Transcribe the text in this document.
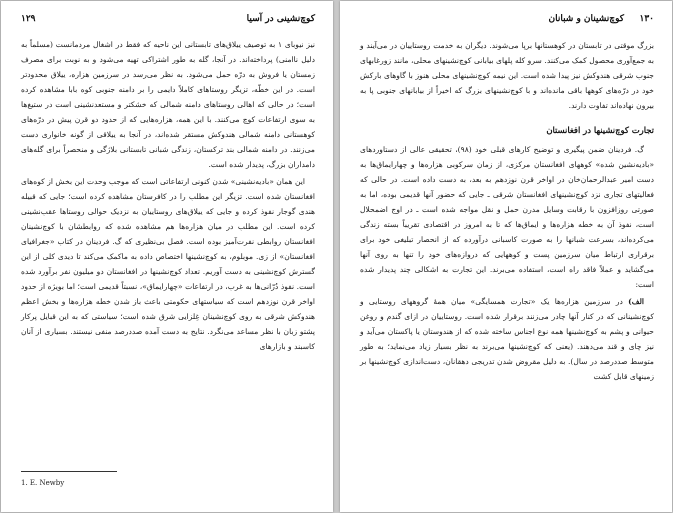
کوچ‌نشینی در آسیا
۱۲۹

نیز نیوبای ۱ به توصیف ییلاق‌های تابستانی این ناحیه که فقط در اشغال مردمانست (مسلماً به دلیل ناامنی) پرداخته‌اند. در آنجا، گله به طور اشتراکی تهیه می‌شود و به نوبت برای مصرف زمستان یا فروش به درّه حمل می‌شود. به نظر می‌رسد در سرزمین هزاره، ییلاق محدودتر است. در این خطّه، تزیگر روستاهای کاملاً دایمی را بر دامنه جنوبی کوه بابا مشاهده کرده است؛ در حالی که اهالی روستاهای دامنه شمالی که خشکتر و مستعدنشینی است در ستیغ‌ها به سوی ارتفاعات کوچ می‌کنند. با این همه، هزاره‌هایی که از حدود دو قرن پیش در درّه‌های کوهستانی دامنه شمالی هندوکش مستقر شده‌اند، در آنجا به ییلاقی از گونه خانواری دست می‌زنند. در دامنه شمالی بند ترکستان، زندگی شبانی تابستانی بلاژگی و منحصراً برای گله‌های دامداران بزرگ، پدیدار شده است.

این همان «بادیه‌نشینی» شدن کنونی ارتفاعاتی است که موجب وحدت این بخش از کوه‌های افغانستان شده است. تزیگر این مطلب را در کافرستان مشاهده کرده است؛ جایی که قبیله هندی گوجار نفوذ کرده و جایی که ییلاق‌های روستاییان به نزدیک حوالی روستاها عقب‌نشینی کرده است. این مطلب در میان هزاره‌ها هم مشاهده شده که روابطشان با کوچ‌نشینان افغانستان روابطی نفرت‌آمیز بوده است. فصل بی‌نظیری که گ. فردینان در کتاب «جغرافیای افغانستان» از زی. موبلوم، به کوچ‌نشینها اختصاص داده به ماکمک می‌کند تا دیدی کلی از این گسترش کوچ‌نشینی به دست آوریم. تعداد کوچ‌نشینها در افغانستان دو میلیون نفر برآورد شده است. نفوذ دُرّانی‌ها به غرب، در ارتفاعات «چهارایماق»، نسبتاً قدیمی است؛ اما بویژه از حدود اواخر قرن نوزدهم است که سیاستهای حکومتی باعث باز شدن خطه هزاره‌ها و بخش اعظم هندوکش شرقی به روی کوچ‌نشینان غِلزایی شرق شده است؛ سیاستی که به این قبایل پرکار پشتو زبان با نظر مساعد می‌نگرد. نتایج به دست آمده صددرصد منفی نیستند. بسیاری از آنان کاسبند و بازارهای

1. E. Newby
۱۳۰
کوچ‌نشینان و شبانان

بزرگ موقتی در تابستان در کوهستانها برپا می‌شوند. دیگران به خدمت روستاییان در می‌آیند و به جمع‌آوری محصول کمک می‌کنند. سرو کله پلهای بیابانی کوچ‌نشینهای محلی، مانند زورغابهای جنوب شرقی هندوکش نیز پیدا شده است. این نیمه کوچ‌نشینهای محلی هنوز با گاوهای بارکش خود در درّه‌های کوهها باقی مانده‌اند و با کوچ‌نشینهای بزرگ که اخیراً از بیابانهای جنوبی پا به بیرون نهاده‌اند تفاوت دارند.

تجارت کوچ‌نشینها در افغانستان

گ. فردینان ضمن پیگیری و توضیح کارهای قبلی خود (۹۸)، تحقیقی عالی از دستاوردهای «بادیه‌نشین شده» کوههای افغانستان مرکزی، از زمان سرکوبی هزاره‌ها و چهارایماق‌ها به دست امیر عبدالرحمان‌خان در اواخر قرن نوزدهم به بعد، به دست داده است. در حالی که فعالیتهای تجاری نزد کوچ‌نشینهای افغانستان شرقی ـ جایی که حضور آنها قدیمی بوده، اما به صورتی روزافزون با رقابت وسایل مدرن حمل و نقل مواجه شده است ـ در اوج اضمحلال است، نفوذ آن به خطه هزاره‌ها و ایماق‌ها که تا به امروز در اقتصادی تقریباً بسته زندگی می‌کرده‌اند، بسرعت شبانها را به صورت کاسبانی درآورده که از انحصار تبلیغی خود برای برقراری ارتباط میان سرزمین پست و کوههایی که دروازه‌های خود را تنها به روی آنها می‌گشاید و عملاً فاقد راه است، استفاده می‌برند. این تجارت به اشکالی چند پدیدار شده است:

الف) در سرزمین هزاره‌ها یک «تجارت همسایگی» میان همهٔ گروههای روستایی و کوچ‌نشینانی که در کنار آنها چادر می‌زنند برقرار شده است. روستاییان در ازای گندم و روغن حیوانی و پشم به کوچ‌نشینها همه نوع اجناس ساخته شده که از هندوستان یا پاکستان می‌آید و نیز چای و قند می‌دهند. (یعنی که کوچ‌نشینها می‌برند به نظر بسیار زیاد می‌نماید؛ به طور متوسط صددرصد در سال). به دلیل مقروض شدن تدریجی دهقانان، دست‌اندازی کوچ‌نشینها بر زمینهای قابل کشت
